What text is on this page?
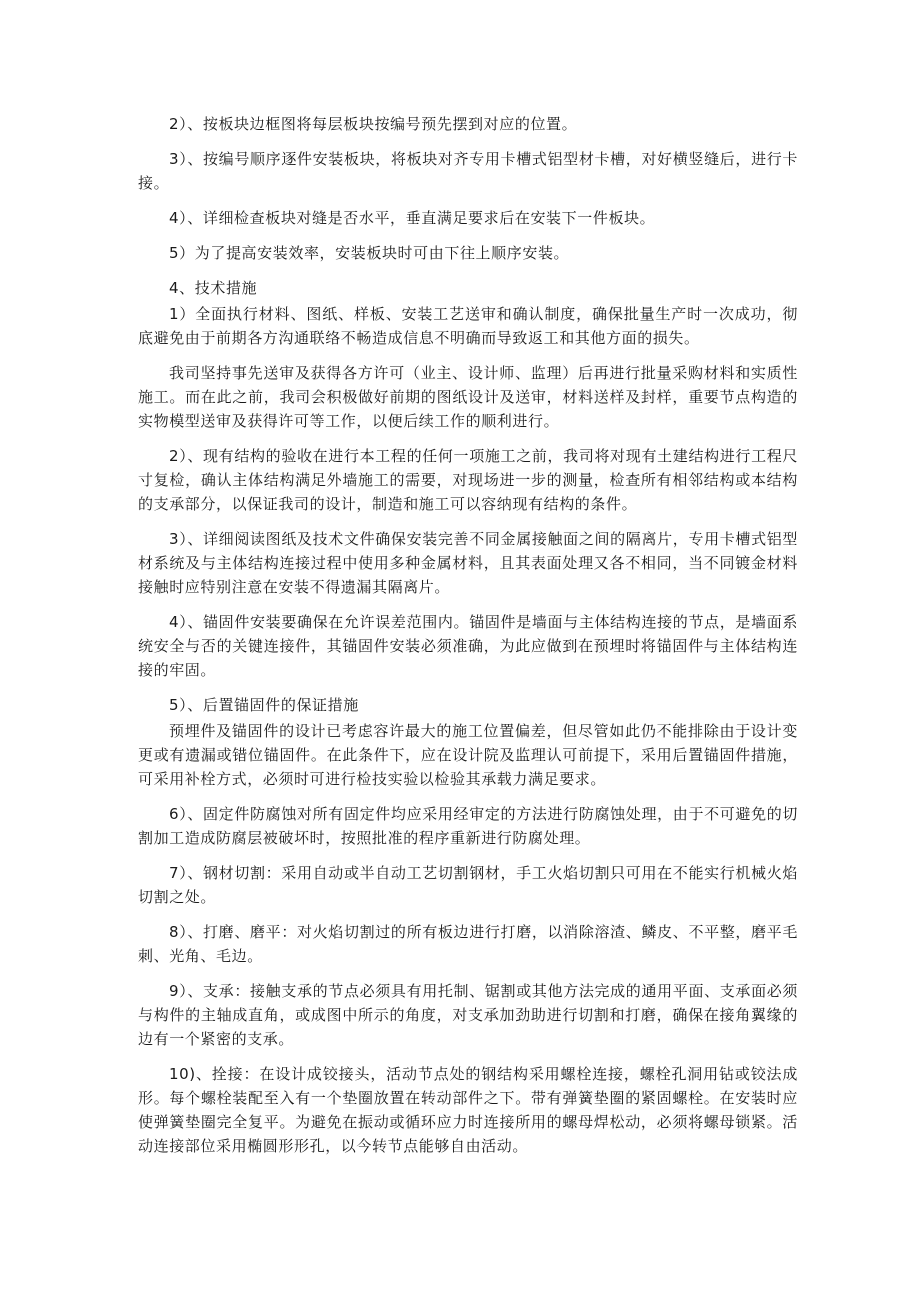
2）、按板块边框图将每层板块按编号预先摆到对应的位置。

3）、按编号顺序逐件安装板块，将板块对齐专用卡槽式铝型材卡槽，对好横竖缝后，进行卡接。

4）、详细检查板块对缝是否水平，垂直满足要求后在安装下一件板块。

5）为了提高安装效率，安装板块时可由下往上顺序安装。

4、技术措施

1）全面执行材料、图纸、样板、安装工艺送审和确认制度，确保批量生产时一次成功，彻底避免由于前期各方沟通联络不畅造成信息不明确而导致返工和其他方面的损失。

我司坚持事先送审及获得各方许可（业主、设计师、监理）后再进行批量采购材料和实质性施工。而在此之前，我司会积极做好前期的图纸设计及送审，材料送样及封样，重要节点构造的实物模型送审及获得许可等工作，以便后续工作的顺利进行。

2）、现有结构的验收在进行本工程的任何一项施工之前，我司将对现有土建结构进行工程尺寸复检，确认主体结构满足外墙施工的需要，对现场进一步的测量，检查所有相邻结构或本结构的支承部分，以保证我司的设计，制造和施工可以容纳现有结构的条件。

3）、详细阅读图纸及技术文件确保安装完善不同金属接触面之间的隔离片，专用卡槽式铝型材系统及与主体结构连接过程中使用多种金属材料，且其表面处理又各不相同，当不同镀金材料接触时应特别注意在安装不得遗漏其隔离片。

4）、锚固件安装要确保在允许误差范围内。锚固件是墙面与主体结构连接的节点，是墙面系统安全与否的关键连接件，其锚固件安装必须准确，为此应做到在预埋时将锚固件与主体结构连接的牢固。

5）、后置锚固件的保证措施

预埋件及锚固件的设计已考虑容许最大的施工位置偏差，但尽管如此仍不能排除由于设计变更或有遗漏或错位锚固件。在此条件下，应在设计院及监理认可前提下，采用后置锚固件措施，可采用补栓方式，必须时可进行检技实验以检验其承载力满足要求。

6）、固定件防腐蚀对所有固定件均应采用经审定的方法进行防腐蚀处理，由于不可避免的切割加工造成防腐层被破坏时，按照批准的程序重新进行防腐处理。

7）、钢材切割：采用自动或半自动工艺切割钢材，手工火焰切割只可用在不能实行机械火焰切割之处。

8）、打磨、磨平：对火焰切割过的所有板边进行打磨，以消除溶渣、鳞皮、不平整，磨平毛刺、光角、毛边。

9）、支承：接触支承的节点必须具有用托制、锯割或其他方法完成的通用平面、支承面必须与构件的主轴成直角，或成图中所示的角度，对支承加劲助进行切割和打磨，确保在接角翼缘的边有一个紧密的支承。

10)、拴接：在设计成铰接头，活动节点处的钢结构采用螺栓连接，螺栓孔洞用钻或铰法成形。每个螺栓装配至入有一个垫圈放置在转动部件之下。带有弹簧垫圈的紧固螺栓。在安装时应使弹簧垫圈完全复平。为避免在振动或循环应力时连接所用的螺母焊松动，必须将螺母锁紧。活动连接部位采用椭圆形形孔，以今转节点能够自由活动。
